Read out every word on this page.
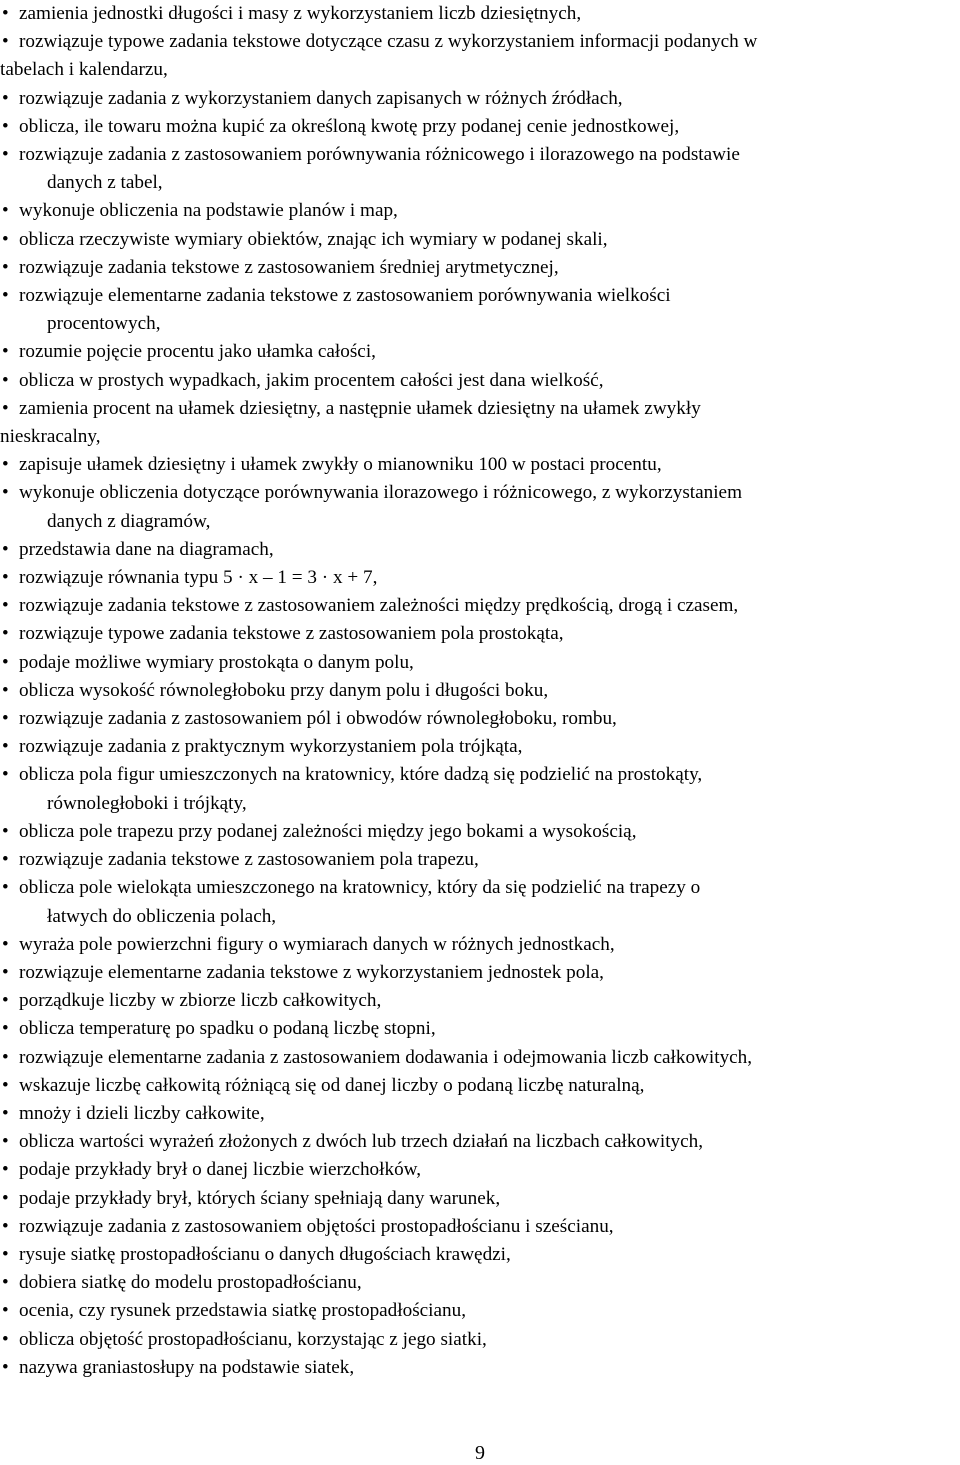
• zamienia jednostki długości i masy z wykorzystaniem liczb dziesiętnych,
• rozwiązuje typowe zadania tekstowe dotyczące czasu z wykorzystaniem informacji podanych w
tabelach i kalendarzu,
• rozwiązuje zadania z wykorzystaniem danych zapisanych w różnych źródłach,
• oblicza, ile towaru można kupić za określoną kwotę przy podanej cenie jednostkowej,
• rozwiązuje zadania z zastosowaniem porównywania różnicowego i ilorazowego na podstawie
danych z tabel,
• wykonuje obliczenia na podstawie planów i map,
• oblicza rzeczywiste wymiary obiektów, znając ich wymiary w podanej skali,
• rozwiązuje zadania tekstowe z zastosowaniem średniej arytmetycznej,
• rozwiązuje elementarne zadania tekstowe z zastosowaniem porównywania wielkości
procentowych,
• rozumie pojęcie procentu jako ułamka całości,
• oblicza w prostych wypadkach, jakim procentem całości jest dana wielkość,
• zamienia procent na ułamek dziesiętny, a następnie ułamek dziesiętny na ułamek zwykły
nieskracalny,
• zapisuje ułamek dziesiętny i ułamek zwykły o mianowniku 100 w postaci procentu,
• wykonuje obliczenia dotyczące porównywania ilorazowego i różnicowego, z wykorzystaniem
danych z diagramów,
• przedstawia dane na diagramach,
• rozwiązuje równania typu 5 · x – 1 = 3 · x + 7,
• rozwiązuje zadania tekstowe z zastosowaniem zależności między prędkością, drogą i czasem,
• rozwiązuje typowe zadania tekstowe z zastosowaniem pola prostokąta,
• podaje możliwe wymiary prostokąta o danym polu,
• oblicza wysokość równoległoboku przy danym polu i długości boku,
• rozwiązuje zadania z zastosowaniem pól i obwodów równoległoboku, rombu,
• rozwiązuje zadania z praktycznym wykorzystaniem pola trójkąta,
• oblicza pola figur umieszczonych na kratownicy, które dadzą się podzielić na prostokąty,
równoległoboki i trójkąty,
• oblicza pole trapezu przy podanej zależności między jego bokami a wysokością,
• rozwiązuje zadania tekstowe z zastosowaniem pola trapezu,
• oblicza pole wielokąta umieszczonego na kratownicy, który da się podzielić na trapezy o
łatwych do obliczenia polach,
• wyraża pole powierzchni figury o wymiarach danych w różnych jednostkach,
• rozwiązuje elementarne zadania tekstowe z wykorzystaniem jednostek pola,
• porządkuje liczby w zbiorze liczb całkowitych,
• oblicza temperaturę po spadku o podaną liczbę stopni,
• rozwiązuje elementarne zadania z zastosowaniem dodawania i odejmowania liczb całkowitych,
• wskazuje liczbę całkowitą różniącą się od danej liczby o podaną liczbę naturalną,
• mnoży i dzieli liczby całkowite,
• oblicza wartości wyrażeń złożonych z dwóch lub trzech działań na liczbach całkowitych,
• podaje przykłady brył o danej liczbie wierzchołków,
• podaje przykłady brył, których ściany spełniają dany warunek,
• rozwiązuje zadania z zastosowaniem objętości prostopadłościanu i sześcianu,
• rysuje siatkę prostopadłościanu o danych długościach krawędzi,
• dobiera siatkę do modelu prostopadłościanu,
• ocenia, czy rysunek przedstawia siatkę prostopadłościanu,
• oblicza objętość prostopadłościanu, korzystając z jego siatki,
• nazywa graniastosłupy na podstawie siatek,
9
